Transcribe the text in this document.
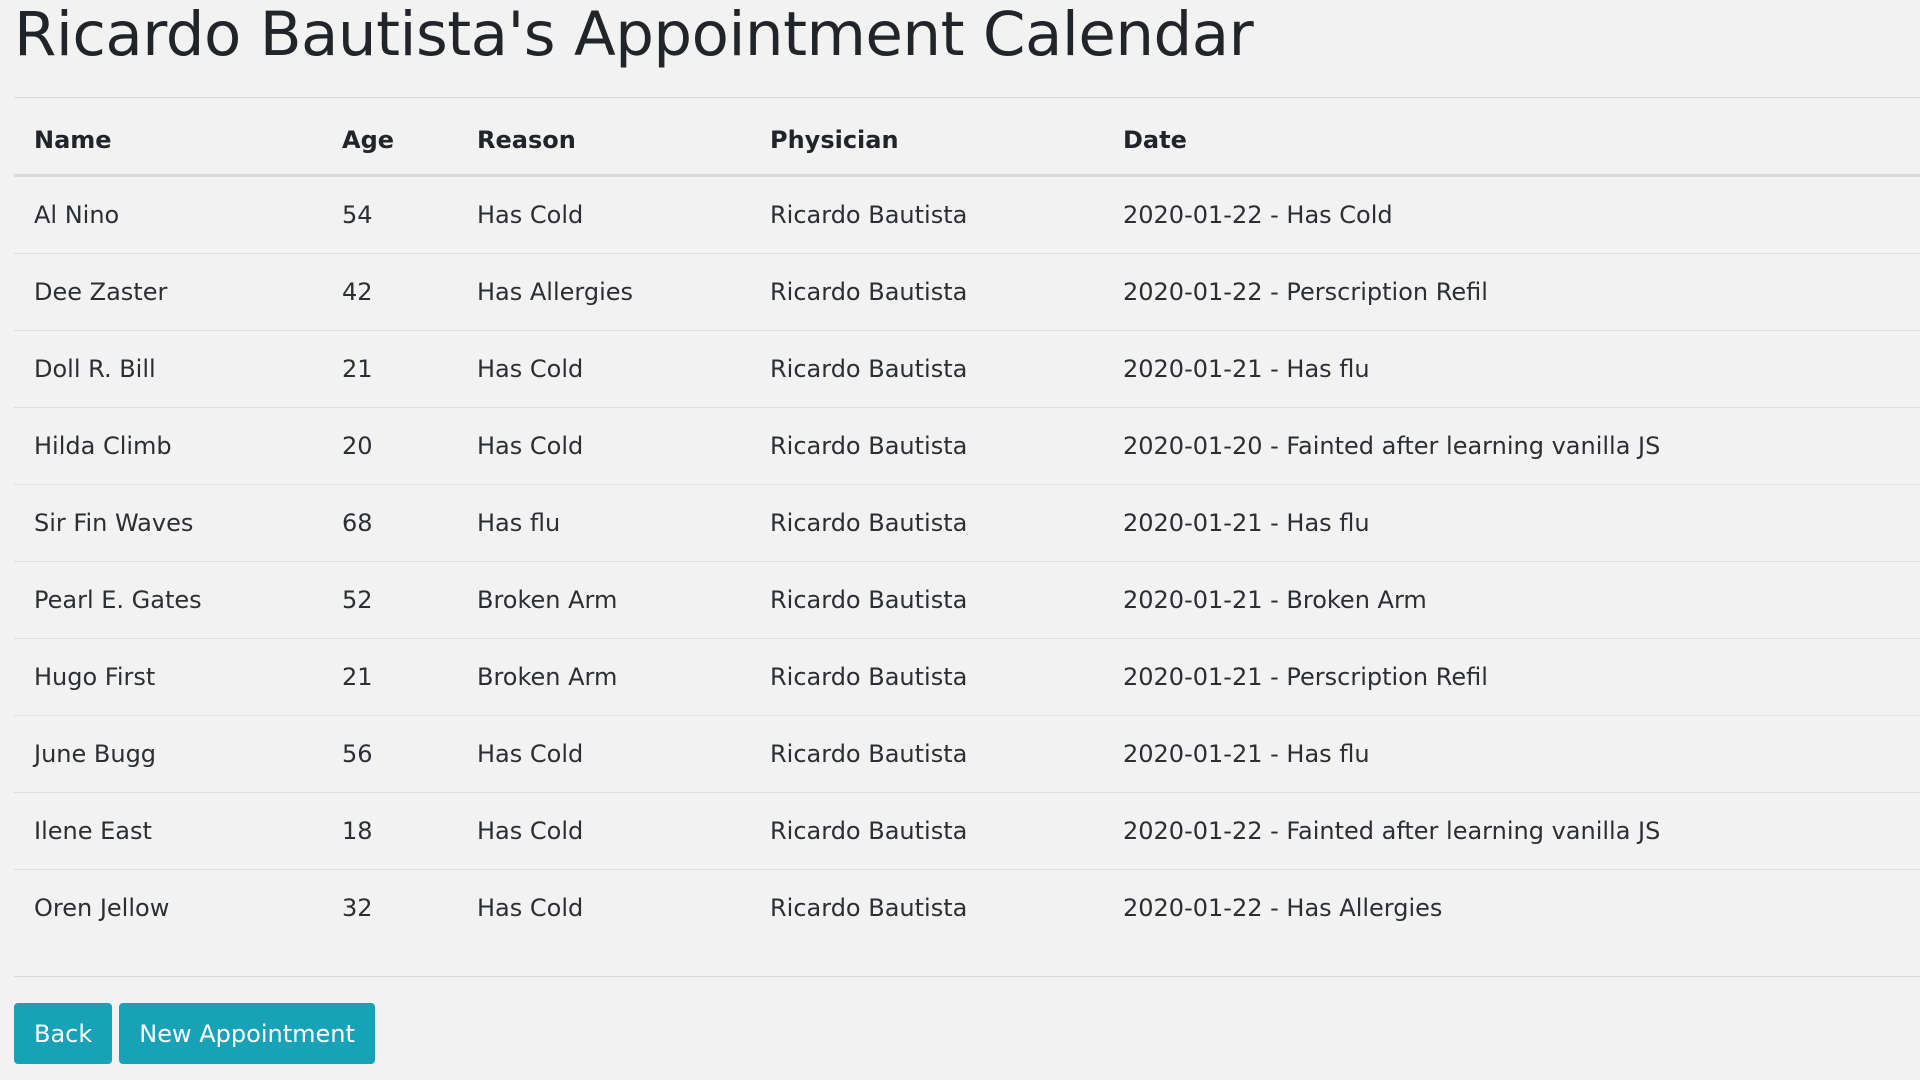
Ricardo Bautista's Appointment Calendar
Name	Age	Reason	Physician	Date
Al Nino	54	Has Cold	Ricardo Bautista	2020-01-22 - Has Cold
Dee Zaster	42	Has Allergies	Ricardo Bautista	2020-01-22 - Perscription Refil
Doll R. Bill	21	Has Cold	Ricardo Bautista	2020-01-21 - Has flu
Hilda Climb	20	Has Cold	Ricardo Bautista	2020-01-20 - Fainted after learning vanilla JS
Sir Fin Waves	68	Has flu	Ricardo Bautista	2020-01-21 - Has flu
Pearl E. Gates	52	Broken Arm	Ricardo Bautista	2020-01-21 - Broken Arm
Hugo First	21	Broken Arm	Ricardo Bautista	2020-01-21 - Perscription Refil
June Bugg	56	Has Cold	Ricardo Bautista	2020-01-21 - Has flu
Ilene East	18	Has Cold	Ricardo Bautista	2020-01-22 - Fainted after learning vanilla JS
Oren Jellow	32	Has Cold	Ricardo Bautista	2020-01-22 - Has Allergies
Back	New Appointment
